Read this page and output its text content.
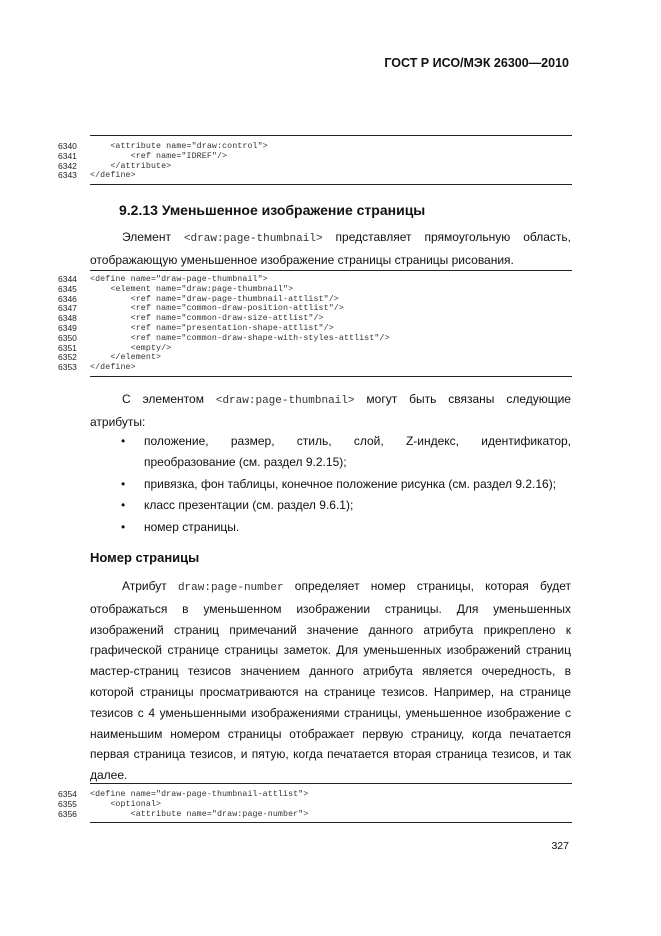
ГОСТ Р ИСО/МЭК 26300—2010
6340	<attribute name="draw:control">
6341	<ref name="IDREF"/>
6342	</attribute>
6343	</define>
9.2.13 Уменьшенное изображение страницы
Элемент <draw:page-thumbnail> представляет прямоугольную область, отображающую уменьшенное изображение страницы страницы рисования.
6344	<define name="draw-page-thumbnail">
6345	<element name="draw:page-thumbnail">
6346	<ref name="draw-page-thumbnail-attlist"/>
6347	<ref name="common-draw-position-attlist"/>
6348	<ref name="common-draw-size-attlist"/>
6349	<ref name="presentation-shape-attlist"/>
6350	<ref name="common-draw-shape-with-styles-attlist"/>
6351	<empty/>
6352	</element>
6353	</define>
С элементом <draw:page-thumbnail> могут быть связаны следующие атрибуты:
• положение, размер, стиль, слой, Z-индекс, идентификатор, преобразование (см. раздел 9.2.15);
• привязка, фон таблицы, конечное положение рисунка (см. раздел 9.2.16);
• класс презентации (см. раздел 9.6.1);
• номер страницы.
Номер страницы
Атрибут draw:page-number определяет номер страницы, которая будет отображаться в уменьшенном изображении страницы. Для уменьшенных изображений страниц примечаний значение данного атрибута прикреплено к графической странице страницы заметок. Для уменьшенных изображений страниц мастер-страниц тезисов значением данного атрибута является очередность, в которой страницы просматриваются на странице тезисов. Например, на странице тезисов с 4 уменьшенными изображениями страницы, уменьшенное изображение с наименьшим номером страницы отображает первую страницу, когда печатается первая страница тезисов, и пятую, когда печатается вторая страница тезисов, и так далее.
6354	<define name="draw-page-thumbnail-attlist">
6355	<optional>
6356	<attribute name="draw:page-number">
327
